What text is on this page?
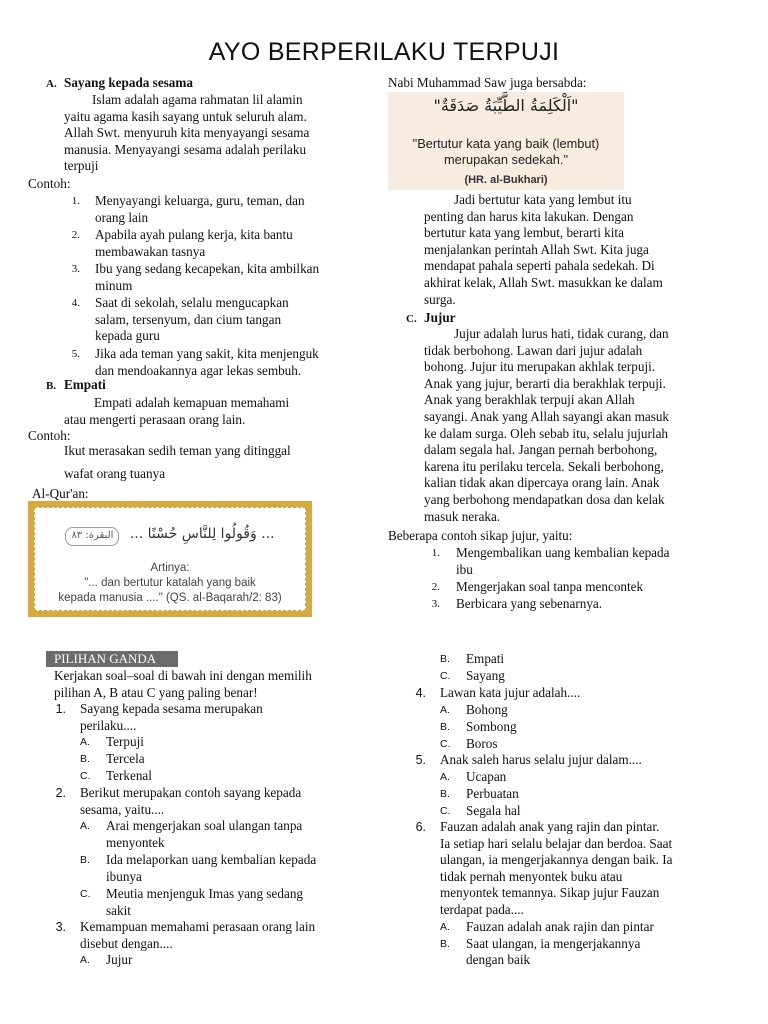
AYO BERPERILAKU TERPUJI
A. Sayang kepada sesama
Islam adalah agama rahmatan lil alamin
yaitu agama kasih sayang untuk seluruh alam.
Allah Swt. menyuruh kita menyayangi sesama
manusia. Menyayangi sesama adalah perilaku
terpuji
Contoh:
1. Menyayangi keluarga, guru, teman, dan
orang lain
2. Apabila ayah pulang kerja, kita bantu
membawakan tasnya
3. Ibu yang sedang kecapekan, kita ambilkan
minum
4. Saat di sekolah, selalu mengucapkan
salam, tersenyum, dan cium tangan
kepada guru
5. Jika ada teman yang sakit, kita menjenguk
dan mendoakannya agar lekas sembuh.
B. Empati
Empati adalah kemapuan memahami
atau mengerti perasaan orang lain.
Contoh:
Ikut merasakan sedih teman yang ditinggal
wafat orang tuanya
Al-Qur'an:
... وَقُولُوا لِلنَّاسِ حُسْنًا ... البقرة: ٨٣
Artinya:
"... dan bertutur katalah yang baik
kepada manusia ...." (QS. al-Baqarah/2: 83)
PILIHAN GANDA
Kerjakan soal–soal di bawah ini dengan memilih
pilihan A, B atau C yang paling benar!
1. Sayang kepada sesama merupakan
perilaku....
A.	Terpuji
B.	Tercela
C.	Terkenal
2. Berikut merupakan contoh sayang kepada
sesama, yaitu....
A.	Arai mengerjakan soal ulangan tanpa
menyontek
B.	Ida melaporkan uang kembalian kepada
ibunya
C.	Meutia menjenguk Imas yang sedang
sakit
3. Kemampuan memahami perasaan orang lain
disebut dengan....
A.	Jujur
Nabi Muhammad Saw juga bersabda:
"اَلْكَلِمَةُ الطَّيِّبَةُ صَدَقَةٌ"
"Bertutur kata yang baik (lembut)
merupakan sedekah."
(HR. al-Bukhari)
Jadi bertutur kata yang lembut itu
penting dan harus kita lakukan. Dengan
bertutur kata yang lembut, berarti kita
menjalankan perintah Allah Swt. Kita juga
mendapat pahala seperti pahala sedekah. Di
akhirat kelak, Allah Swt. masukkan ke dalam
surga.
C. Jujur
Jujur adalah lurus hati, tidak curang, dan
tidak berbohong. Lawan dari jujur adalah
bohong. Jujur itu merupakan akhlak terpuji.
Anak yang jujur, berarti dia berakhlak terpuji.
Anak yang berakhlak terpuji akan Allah
sayangi. Anak yang Allah sayangi akan masuk
ke dalam surga. Oleh sebab itu, selalu jujurlah
dalam segala hal. Jangan pernah berbohong,
karena itu perilaku tercela. Sekali berbohong,
kalian tidak akan dipercaya orang lain. Anak
yang berbohong mendapatkan dosa dan kelak
masuk neraka.
Beberapa contoh sikap jujur, yaitu:
1. Mengembalikan uang kembalian kepada
ibu
2. Mengerjakan soal tanpa mencontek
3. Berbicara yang sebenarnya.
B.	Empati
C.	Sayang
4. Lawan kata jujur adalah....
A.	Bohong
B.	Sombong
C.	Boros
5. Anak saleh harus selalu jujur dalam....
A.	Ucapan
B.	Perbuatan
C.	Segala hal
6. Fauzan adalah anak yang rajin dan pintar.
Ia setiap hari selalu belajar dan berdoa. Saat
ulangan, ia mengerjakannya dengan baik. Ia
tidak pernah menyontek buku atau
menyontek temannya. Sikap jujur Fauzan
terdapat pada....
A.	Fauzan adalah anak rajin dan pintar
B.	Saat ulangan, ia mengerjakannya
dengan baik
